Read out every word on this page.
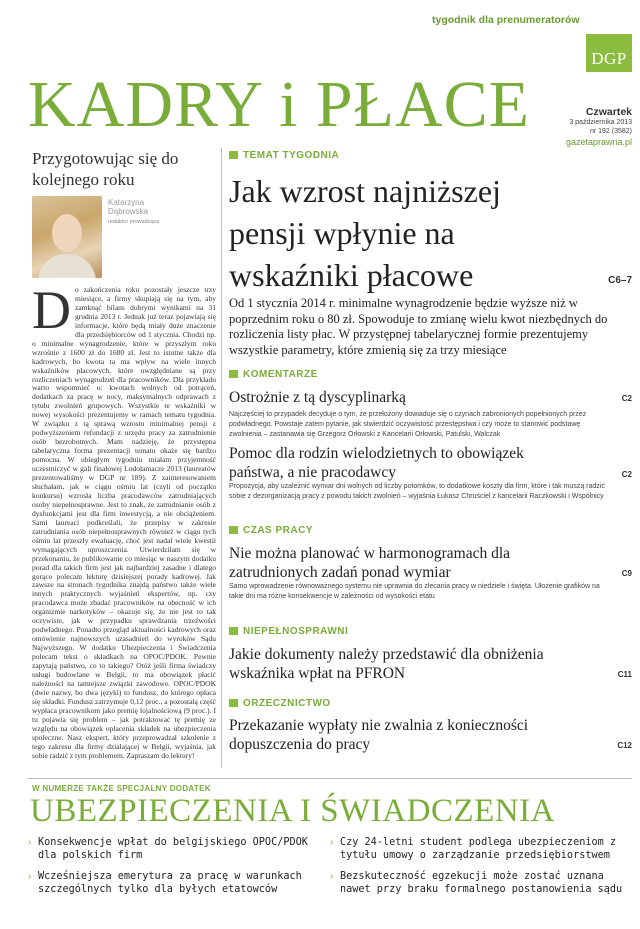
tygodnik dla prenumeratorów
DGP
KADRY i PŁACE	Czwartek
3 października 2013
nr 192 (3582)
gazetaprawna.pl
Przygotowując się do kolejnego roku
Katarzyna Dąbrowska
redaktor prowadząca

Do zakończenia roku pozostały jeszcze trzy miesiące, a firmy skupiają się na tym, aby zamknąć bilans dobrymi wynikami na 31 grudnia 2013 r. Jednak już teraz pojawiają się informacje, które będą miały duże znaczenie dla przedsiębiorców od 1 stycznia. Chodzi np. o minimalne wynagrodzenie, które w przyszłym roku wzrośnie z 1600 zł do 1680 zł. Jest to istotne także dla kadrowych, bo kwota ta ma wpływ na wiele innych wskaźników płacowych, które uwzględniane są przy rozliczeniach wynagrodzeń dla pracowników. Dla przykładu warto wspomnieć o: kwotach wolnych od potrąceń, dodatkach za pracę w nocy, maksymalnych odprawach z tytułu zwolnień grupowych. Wszystkie te wskaźniki w nowej wysokości prezentujemy w ramach tematu tygodnia. W związku z tą sprawą wzrostu minimalnej pensji z podwyższeniem refundacji z urzędu pracy za zatrudnienie osób bezrobotnych. Mam nadzieję, że przystępna tabelaryczna forma prezentacji tematu okaże się bardzo pomocna. W ubiegłym tygodniu miałam przyjemność uczestniczyć w gali finałowej Lodołamacze 2013 (laureatów prezentowaliśmy w DGP nr 189). Z zainteresowaniem słuchałam, jak w ciągu ośmiu lat (czyli od początku konkursu) wzrosła liczba pracodawców zatrudniających osoby niepełnosprawne. Jest to znak, że zatrudnianie osób z dysfunkcjami jest dla firm inwestycją, a nie obciążeniem. Sami laureaci podkreślali, że przepisy w zakresie zatrudniania osób niepełnosprawnych również w ciągu tych ośmiu lat przeszły ewaluację, choć jest nadal wiele kwestii wymagających uproszczenia. Utwierdziłam się w przekonaniu, że publikowanie co miesiąc w naszym dodatku porad dla takich firm jest jak najbardziej zasadne i dlatego gorąco polecam lekturę dzisiejszej porady kadrowej. Jak zawsze na stronach tygodnika znajdą państwo także wiele innych praktycznych wyjaśnień ekspertów, np. czy pracodawca może zbadać pracowników na obecność w ich organizmie narkotyków – okazuje się, że nie jest to tak oczywiste, jak w przypadku sprawdzania trzeźwości podwładnego. Ponadto przegląd aktualności kadrowych oraz omówienie najnowszych uzasadnień do wyroków Sądu Najwyższego. W dodatku Ubezpieczenia i Świadczenia polecam tekst o składkach na OPOC/PDOK. Pewnie zapytają państwo, co to takiego? Otóż jeśli firma świadczy usługi budowlane w Belgii, to ma obowiązek płacić należności na tamtejsze związki zawodowe. OPOC/PDOK (dwie nazwy, bo dwa języki) to fundusz, do którego opłaca się składki. Fundusz zatrzymuje 0,12 proc., a pozostałą część wypłaca pracownikom jako premię lojalnościową (9 proc.). I tu pojawia się problem – jak potraktować tę premię ze względu na obowiązek opłacenia składek na ubezpieczenia społeczne. Nasz ekspert, który przeprowadzał szkolenie z tego zakresu dla firmy działającej w Belgii, wyjaśnia, jak sobie radzić z tym problemem. Zapraszam do lektury!

TEMAT TYGODNIA
Jak wzrost najniższej pensji wpłynie na wskaźniki płacowe	C6–7

Od 1 stycznia 2014 r. minimalne wynagrodzenie będzie wyższe niż w poprzednim roku o 80 zł. Spowoduje to zmianę wielu kwot niezbędnych do rozliczenia listy płac. W przystępnej tabelarycznej formie prezentujemy wszystkie parametry, które zmienią się za trzy miesiące

KOMENTARZE
Ostrożnie z tą dyscyplinarką	C2

Najczęściej to przypadek decyduje o tym, że przełożony dowiaduje się o czynach zabronionych popełnionych przez podwładnego. Powstaje zatem pytanie, jak stwierdzić oczywistość przestępstwa i czy może to stanowić podstawę zwolnienia – zastanawia się Grzegorz Orłowski z Kancelarii Orłowski, Patulski, Walczak

Pomoc dla rodzin wielodzietnych to obowiązek państwa, a nie pracodawcy	C2

Propozycja, aby uzależnić wymiar dni wolnych od liczby potomków, to dodatkowe koszty dla firm, które i tak muszą radzić sobie z dezorganizacją pracy z powodu takich zwolnień – wyjaśnia Łukasz Chruściel z kancelarii Raczkowski i Wspólnicy

CZAS PRACY
Nie można planować w harmonogramach dla zatrudnionych zadań ponad wymiar	C9

Samo wprowadzenie równoważnego systemu nie uprawnia do zlecania pracy w niedziele i święta. Ułożenie grafików na takie dni ma różne konsekwencje w zależności od wysokości etatu

NIEPEŁNOSPRAWNI
Jakie dokumenty należy przedstawić dla obniżenia wskaźnika wpłat na PFRON	C11
ORZECZNICTWO
Przekazanie wypłaty nie zwalnia z konieczności dopuszczenia do pracy	C12
W NUMERZE TAKŻE SPECJALNY DODATEK
UBEZPIECZENIA I ŚWIADCZENIA
› Konsekwencje wpłat do belgijskiego OPOC/PDOK dla polskich firm
› Czy 24-letni student podlega ubezpieczeniom z tytułu umowy o zarządzanie przedsiębiorstwem
› Wcześniejsza emerytura za pracę w warunkach szczególnych tylko dla byłych etatowców
› Bezskuteczność egzekucji może zostać uznana nawet przy braku formalnego postanowienia sądu
